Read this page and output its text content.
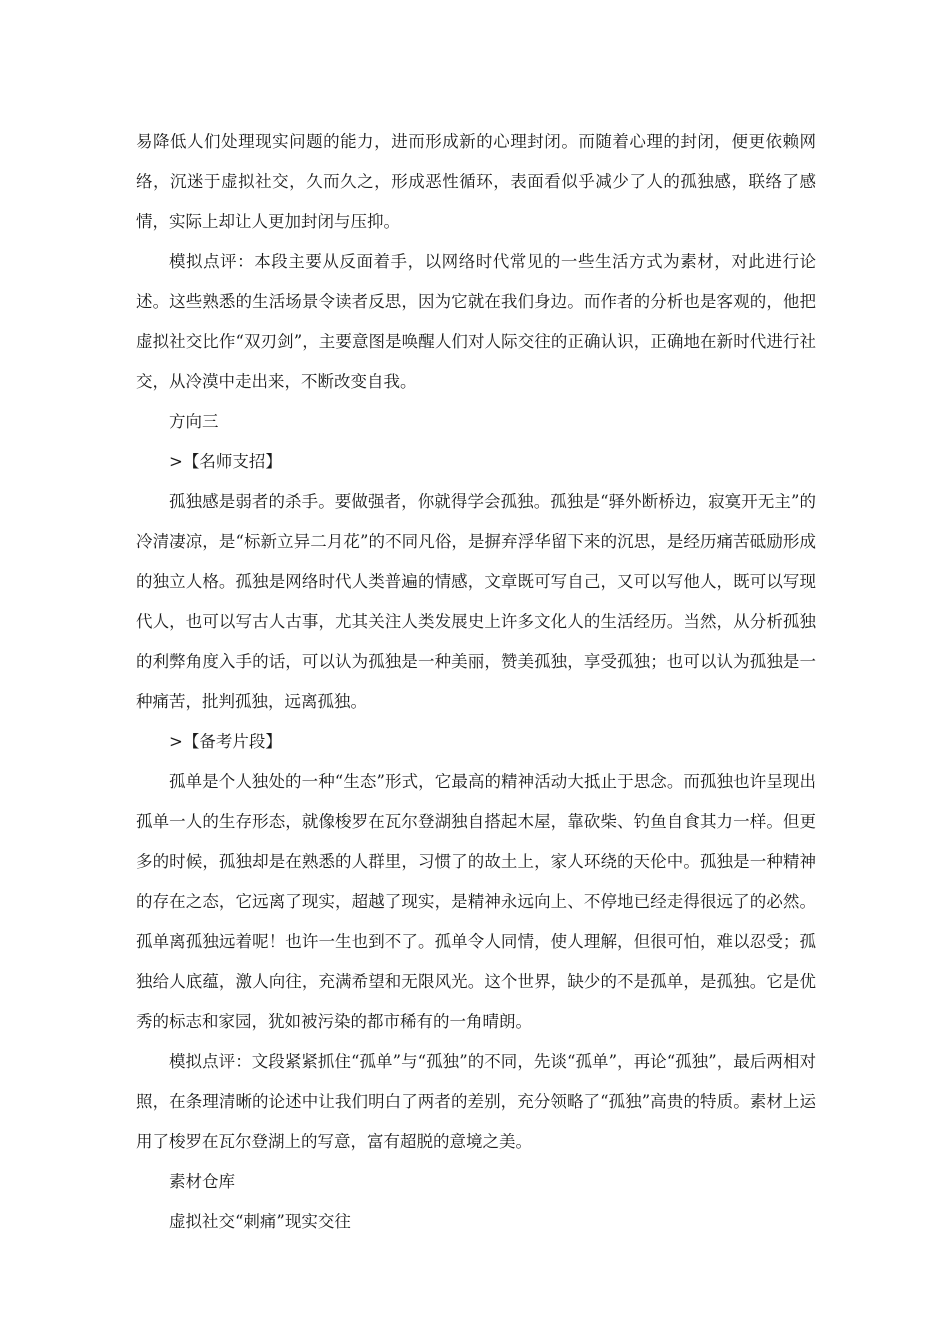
易降低人们处理现实问题的能力，进而形成新的心理封闭。而随着心理的封闭，便更依赖网络，沉迷于虚拟社交，久而久之，形成恶性循环，表面看似乎减少了人的孤独感，联络了感情，实际上却让人更加封闭与压抑。

模拟点评：本段主要从反面着手，以网络时代常见的一些生活方式为素材，对此进行论述。这些熟悉的生活场景令读者反思，因为它就在我们身边。而作者的分析也是客观的，他把虚拟社交比作“双刃剑”，主要意图是唤醒人们对人际交往的正确认识，正确地在新时代进行社交，从冷漠中走出来，不断改变自我。

方向三

>【名师支招】

孤独感是弱者的杀手。要做强者，你就得学会孤独。孤独是“驿外断桥边，寂寞开无主”的冷清凄凉，是“标新立异二月花”的不同凡俗，是摒弃浮华留下来的沉思，是经历痛苦砥励形成的独立人格。孤独是网络时代人类普遍的情感，文章既可写自己，又可以写他人，既可以写现代人，也可以写古人古事，尤其关注人类发展史上许多文化人的生活经历。当然，从分析孤独的利弊角度入手的话，可以认为孤独是一种美丽，赞美孤独，享受孤独；也可以认为孤独是一种痛苦，批判孤独，远离孤独。

>【备考片段】

孤单是个人独处的一种“生态”形式，它最高的精神活动大抵止于思念。而孤独也许呈现出孤单一人的生存形态，就像梭罗在瓦尔登湖独自搭起木屋，靠砍柴、钓鱼自食其力一样。但更多的时候，孤独却是在熟悉的人群里，习惯了的故土上，家人环绕的天伦中。孤独是一种精神的存在之态，它远离了现实，超越了现实，是精神永远向上、不停地已经走得很远了的必然。孤单离孤独远着呢！也许一生也到不了。孤单令人同情，使人理解，但很可怕，难以忍受；孤独给人底蕴，激人向往，充满希望和无限风光。这个世界，缺少的不是孤单，是孤独。它是优秀的标志和家园，犹如被污染的都市稀有的一角晴朗。

模拟点评：文段紧紧抓住“孤单”与“孤独”的不同，先谈“孤单”，再论“孤独”，最后两相对照，在条理清晰的论述中让我们明白了两者的差别，充分领略了“孤独”高贵的特质。素材上运用了梭罗在瓦尔登湖上的写意，富有超脱的意境之美。

素材仓库

虚拟社交“刺痛”现实交往
